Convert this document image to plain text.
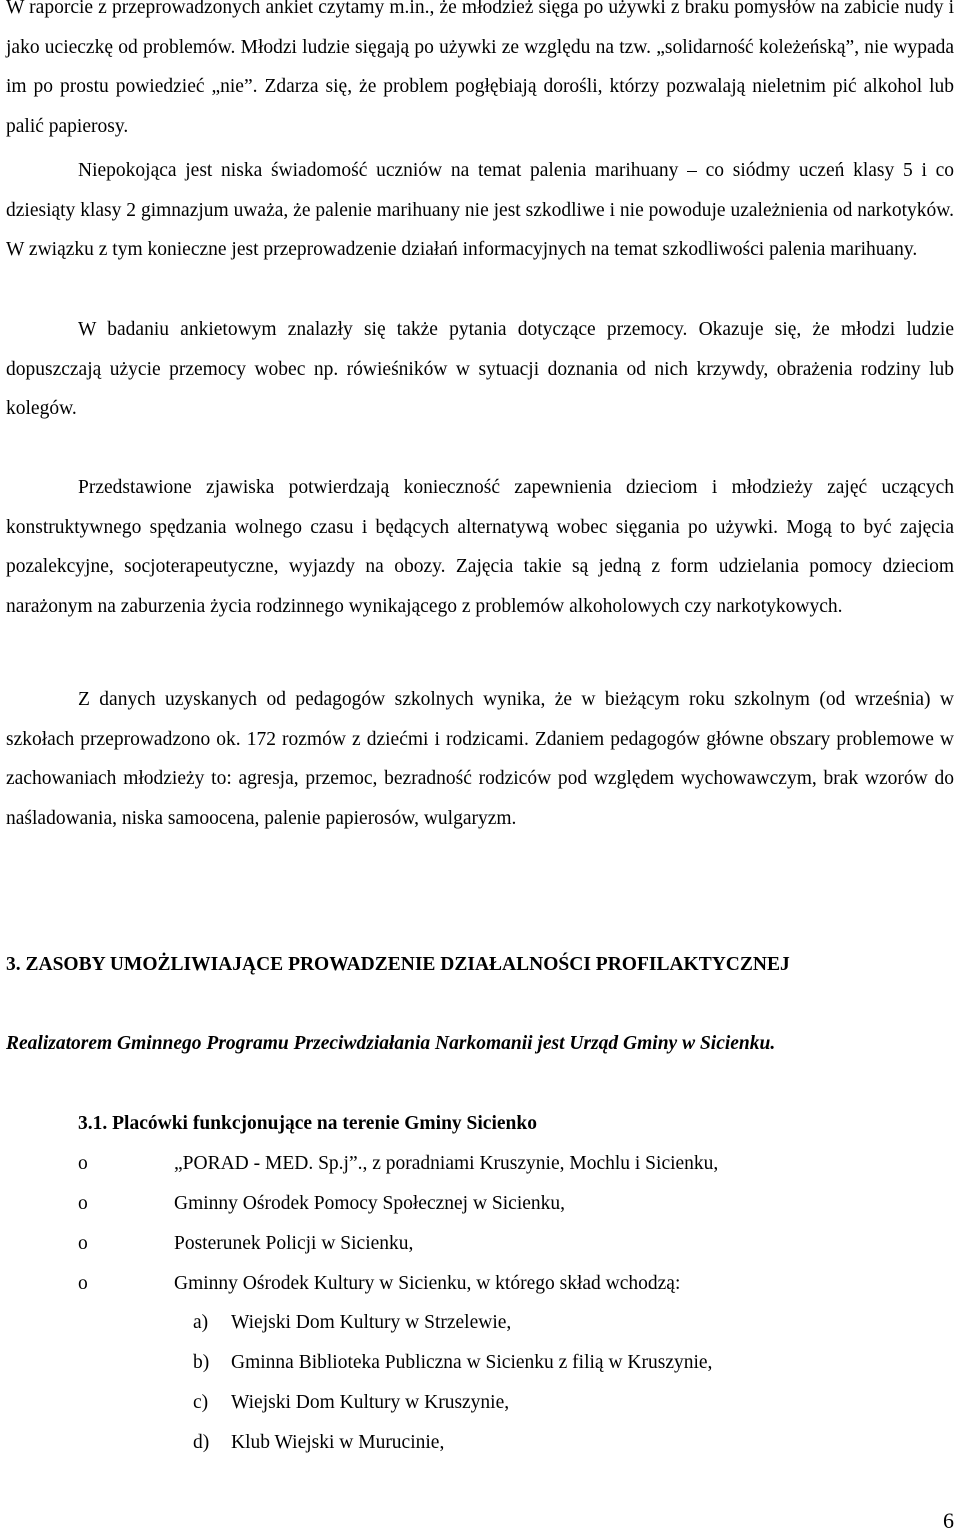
W raporcie z przeprowadzonych ankiet czytamy m.in., że młodzież sięga po używki z braku pomysłów na zabicie nudy i jako ucieczkę od problemów. Młodzi ludzie sięgają po używki ze względu na tzw. „solidarność koleżeńską”, nie wypada im po prostu powiedzieć „nie”. Zdarza się, że problem pogłębiają dorośli, którzy pozwalają nieletnim pić alkohol lub palić papierosy.

Niepokojąca jest niska świadomość uczniów na temat palenia marihuany – co siódmy uczeń klasy 5 i co dziesiąty klasy 2 gimnazjum uważa, że palenie marihuany nie jest szkodliwe i nie powoduje uzależnienia od narkotyków. W związku z tym konieczne jest przeprowadzenie działań informacyjnych na temat szkodliwości palenia marihuany.

W badaniu ankietowym znalazły się także pytania dotyczące przemocy. Okazuje się, że młodzi ludzie dopuszczają użycie przemocy wobec np. rówieśników w sytuacji doznania od nich krzywdy, obrażenia rodziny lub kolegów.

Przedstawione zjawiska potwierdzają konieczność zapewnienia dzieciom i młodzieży zajęć uczących konstruktywnego spędzania wolnego czasu i będących alternatywą wobec sięgania po używki. Mogą to być zajęcia pozalekcyjne, socjoterapeutyczne, wyjazdy na obozy. Zajęcia takie są jedną z form udzielania pomocy dzieciom narażonym na zaburzenia życia rodzinnego wynikającego z problemów alkoholowych czy narkotykowych.

Z danych uzyskanych od pedagogów szkolnych wynika, że w bieżącym roku szkolnym (od września) w szkołach przeprowadzono ok. 172 rozmów z dziećmi i rodzicami. Zdaniem pedagogów główne obszary problemowe w zachowaniach młodzieży to: agresja, przemoc, bezradność rodziców pod względem wychowawczym, brak wzorów do naśladowania, niska samoocena, palenie papierosów, wulgaryzm.

3. ZASOBY UMOŻLIWIAJĄCE PROWADZENIE DZIAŁALNOŚCI PROFILAKTYCZNEJ

Realizatorem Gminnego Programu Przeciwdziałania Narkomanii jest Urząd Gminy w Sicienku.

3.1. Placówki funkcjonujące na terenie Gminy Sicienko
o	„PORAD - MED. Sp.j”., z poradniami Kruszynie, Mochlu i Sicienku,
o	Gminny Ośrodek Pomocy Społecznej w Sicienku,
o	Posterunek Policji w Sicienku,
o	Gminny Ośrodek Kultury w Sicienku, w którego skład wchodzą:
a) Wiejski Dom Kultury w Strzelewie,
b) Gminna Biblioteka Publiczna w Sicienku z filią w Kruszynie,
c) Wiejski Dom Kultury w Kruszynie,
d) Klub Wiejski w Murucinie,
6
